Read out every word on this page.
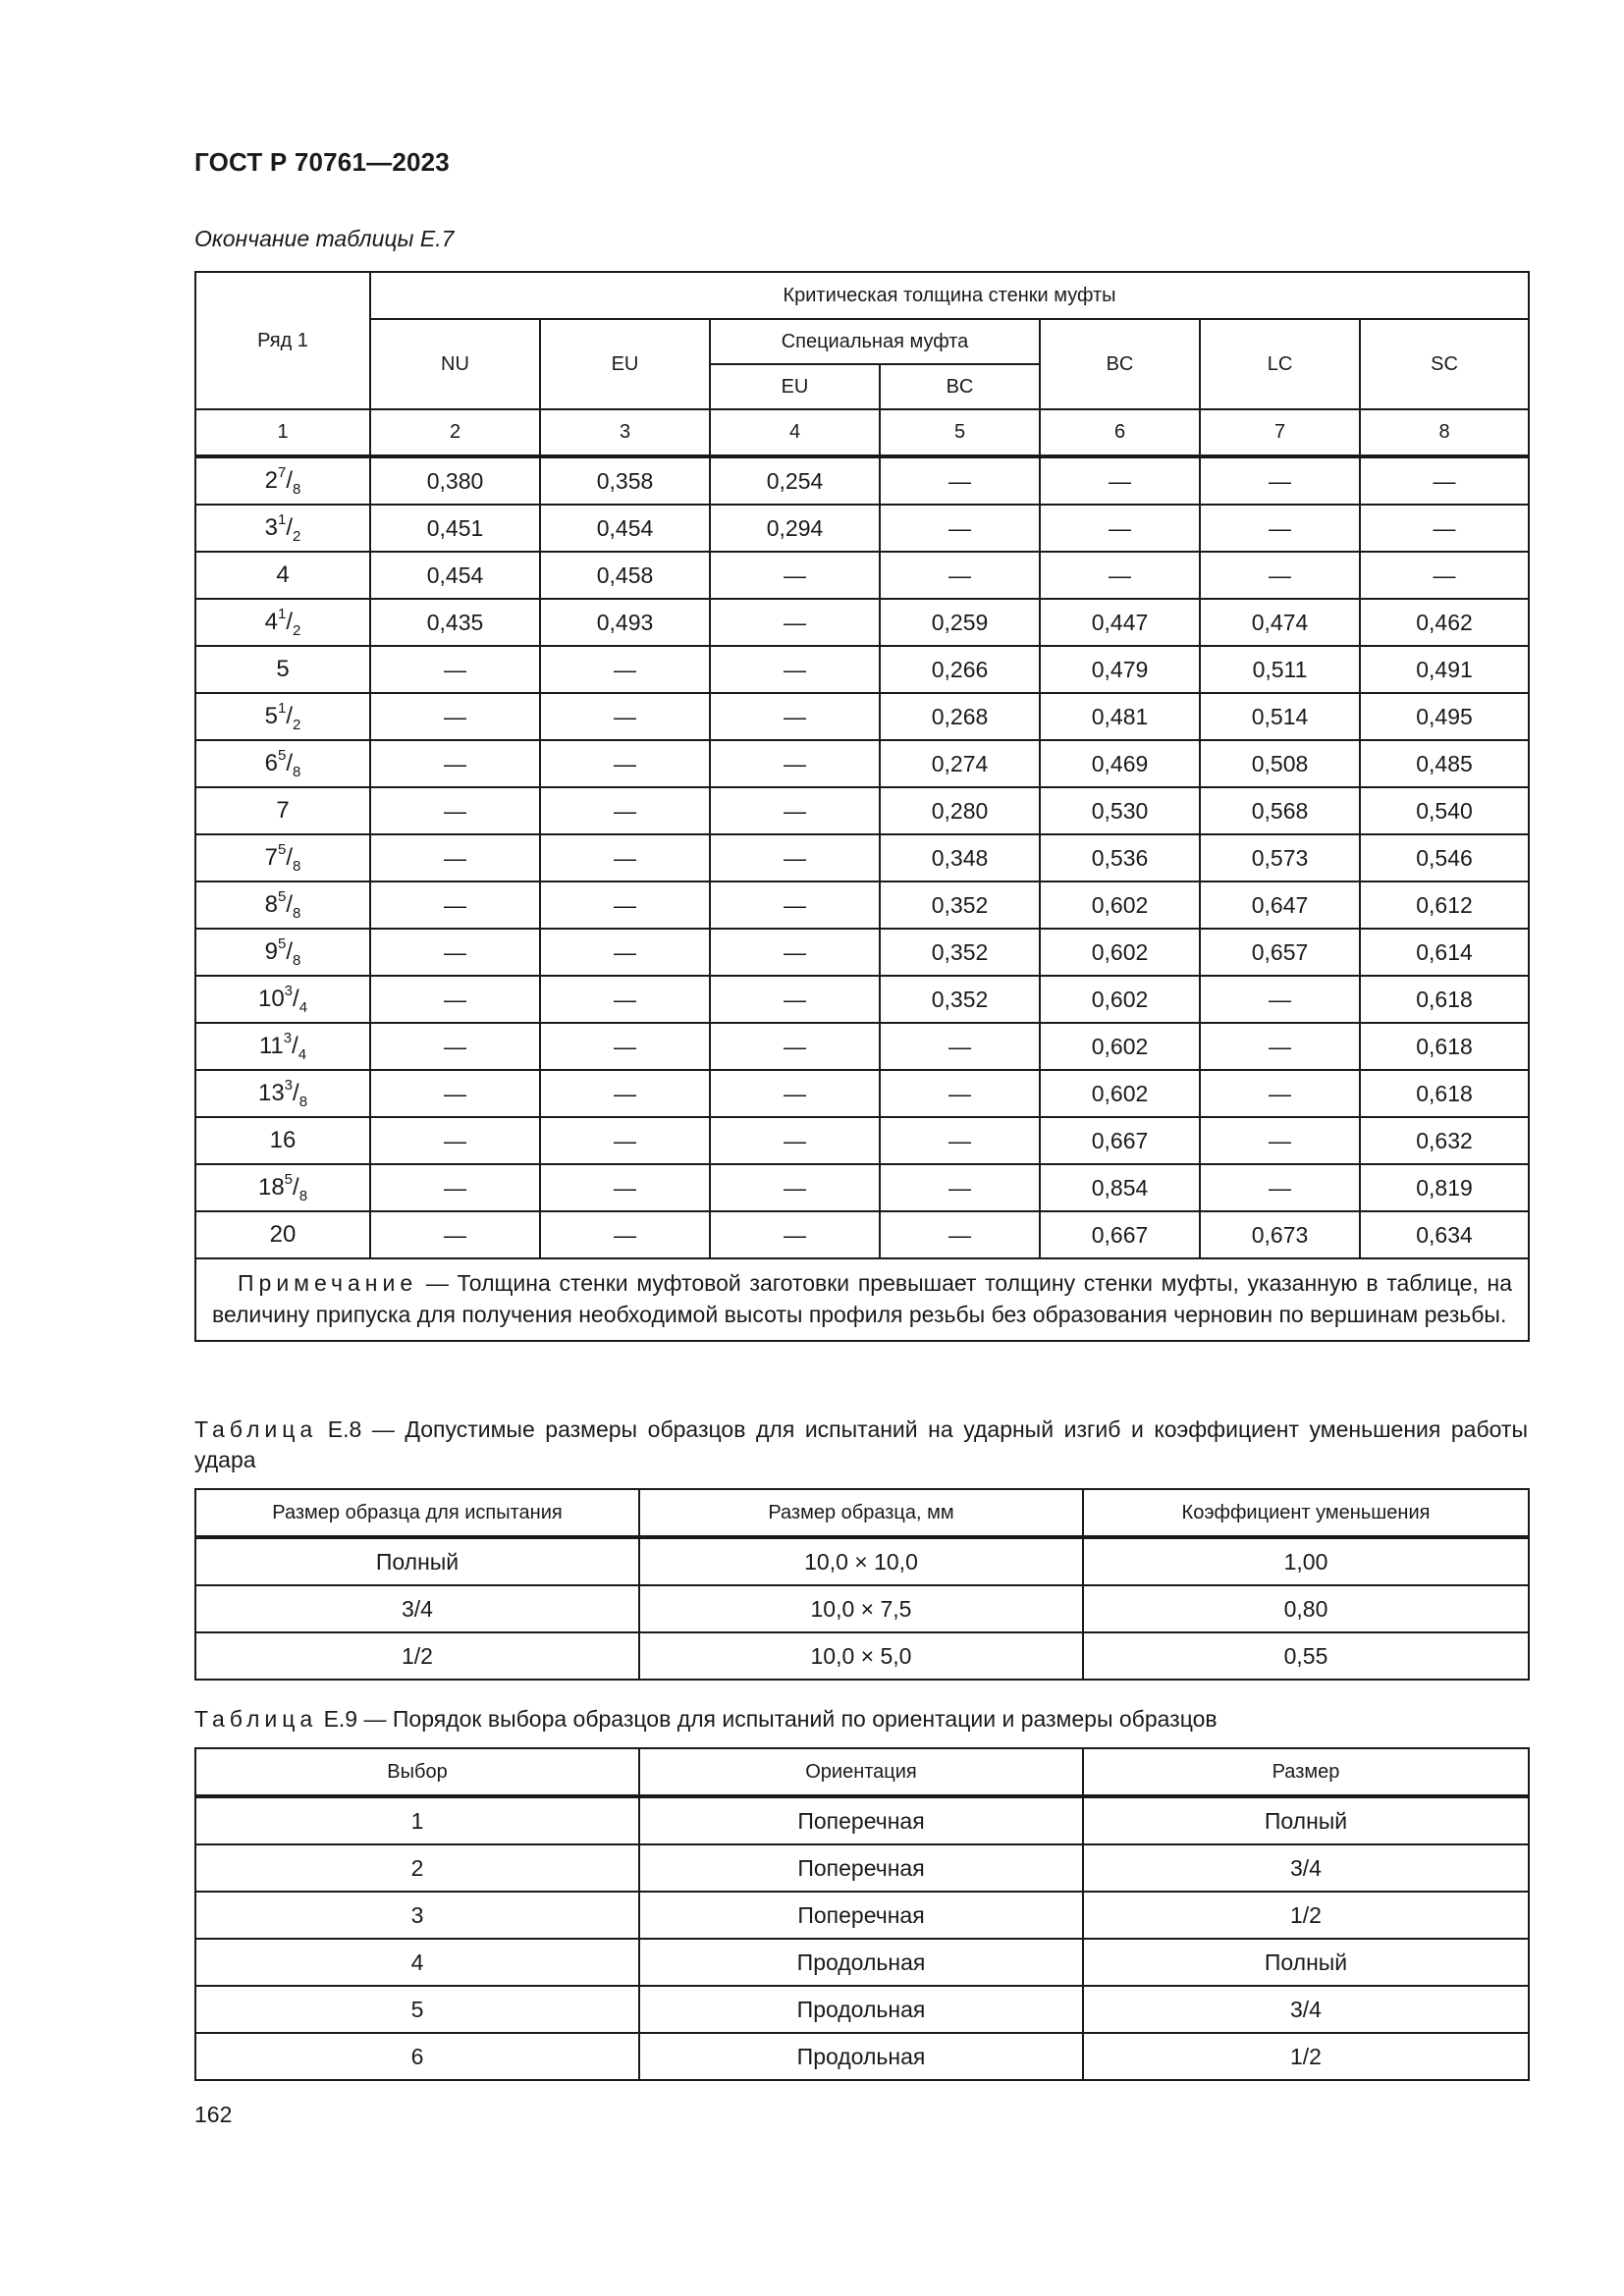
ГОСТ Р 70761—2023
Окончание таблицы Е.7
Ряд 1	Критическая толщина стенки муфты						
	NU	EU	Специальная муфта		BC	LC	SC
			EU	BC			
1	2	3	4	5	6	7	8
$2^7/_8$	0,380	0,358	0,254	—	—	—	—
$3^1/_2$	0,451	0,454	0,294	—	—	—	—
4	0,454	0,458	—	—	—	—	—
$4^1/_2$	0,435	0,493	—	0,259	0,447	0,474	0,462
5	—	—	—	0,266	0,479	0,511	0,491
$5^1/_2$	—	—	—	0,268	0,481	0,514	0,495
$6^5/_8$	—	—	—	0,274	0,469	0,508	0,485
7	—	—	—	0,280	0,530	0,568	0,540
$7^5/_8$	—	—	—	0,348	0,536	0,573	0,546
$8^5/_8$	—	—	—	0,352	0,602	0,647	0,612
$9^5/_8$	—	—	—	0,352	0,602	0,657	0,614
$10^3/_4$	—	—	—	0,352	0,602	—	0,618
$11^3/_4$	—	—	—	—	0,602	—	0,618
$13^3/_8$	—	—	—	—	0,602	—	0,618
16	—	—	—	—	0,667	—	0,632
$18^5/_8$	—	—	—	—	0,854	—	0,819
20	—	—	—	—	0,667	0,673	0,634
Примечание — Толщина стенки муфтовой заготовки превышает толщину стенки муфты, указанную в таблице, на величину припуска для получения необходимой высоты профиля резьбы без образования черновин по вершинам резьбы.							
Таблица Е.8 — Допустимые размеры образцов для испытаний на ударный изгиб и коэффициент уменьшения работы удара
Размер образца для испытания	Размер образца, мм	Коэффициент уменьшения
Полный	10,0 × 10,0	1,00
3/4	10,0 × 7,5	0,80
1/2	10,0 × 5,0	0,55
Таблица Е.9 — Порядок выбора образцов для испытаний по ориентации и размеры образцов
Выбор	Ориентация	Размер
1	Поперечная	Полный
2	Поперечная	3/4
3	Поперечная	1/2
4	Продольная	Полный
5	Продольная	3/4
6	Продольная	1/2
162
